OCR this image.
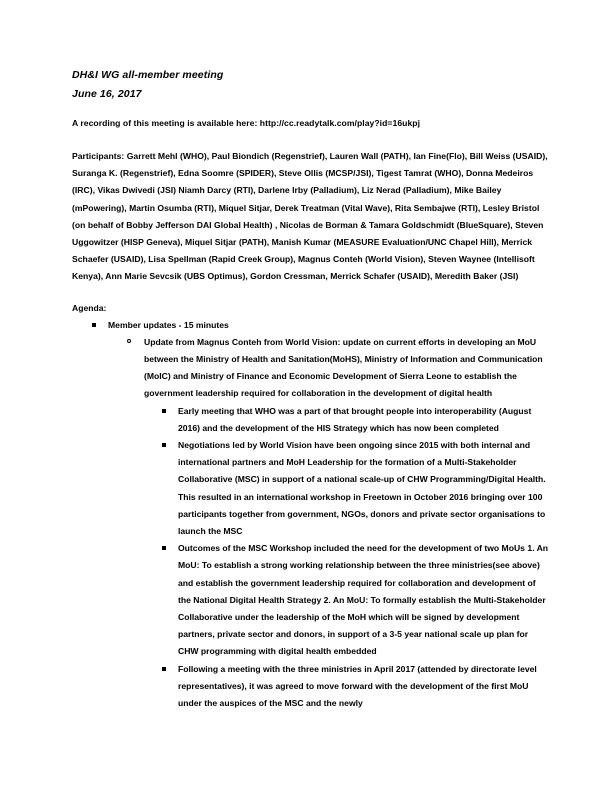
DH&I WG all-member meeting

June 16, 2017

A recording of this meeting is available here: http://cc.readytalk.com/play?id=16ukpj

Participants: Garrett Mehl (WHO), Paul Biondich (Regenstrief), Lauren Wall (PATH), Ian Fine(Flo), Bill Weiss (USAID), Suranga K. (Regenstrief), Edna Soomre (SPIDER), Steve Ollis (MCSP/JSI), Tigest Tamrat (WHO), Donna Medeiros (IRC), Vikas Dwivedi (JSI) Niamh Darcy (RTI), Darlene Irby (Palladium), Liz Nerad (Palladium), Mike Bailey (mPowering), Martin Osumba (RTI), Miquel Sitjar, Derek Treatman (Vital Wave), Rita Sembajwe (RTI), Lesley Bristol (on behalf of Bobby Jefferson DAI Global Health) , Nicolas de Borman & Tamara Goldschmidt (BlueSquare), Steven Uggowitzer (HISP Geneva), Miquel Sitjar (PATH), Manish Kumar (MEASURE Evaluation/UNC Chapel Hill), Merrick Schaefer (USAID), Lisa Spellman (Rapid Creek Group), Magnus Conteh (World Vision), Steven Waynee (Intellisoft Kenya), Ann Marie Sevcsik (UBS Optimus), Gordon Cressman, Merrick Schafer (USAID), Meredith Baker (JSI)

Agenda:

Member updates - 15 minutes
Update from Magnus Conteh from World Vision: update on current efforts in developing an MoU between the Ministry of Health and Sanitation(MoHS), Ministry of Information and Communication (MoIC) and Ministry of Finance and Economic Development of Sierra Leone to establish the government leadership required for collaboration in the development of digital health
Early meeting that WHO was a part of that brought people into interoperability (August 2016) and the development of the HIS Strategy which has now been completed
Negotiations led by World Vision have been ongoing since 2015 with both internal and international partners and MoH Leadership for the formation of a Multi-Stakeholder Collaborative (MSC) in support of a national scale-up of CHW Programming/Digital Health. This resulted in an international workshop in Freetown in October 2016 bringing over 100 participants together from government, NGOs, donors and private sector organisations to launch the MSC
Outcomes of the MSC Workshop included the need for the development of two MoUs 1. An MoU: To establish a strong working relationship between the three ministries(see above) and establish the government leadership required for collaboration and development of the National Digital Health Strategy 2. An MoU: To formally establish the Multi-Stakeholder Collaborative under the leadership of the MoH which will be signed by development partners, private sector and donors, in support of a 3-5 year national scale up plan for CHW programming with digital health embedded
Following a meeting with the three ministries in April 2017 (attended by directorate level representatives), it was agreed to move forward with the development of the first MoU under the auspices of the MSC and the newly
